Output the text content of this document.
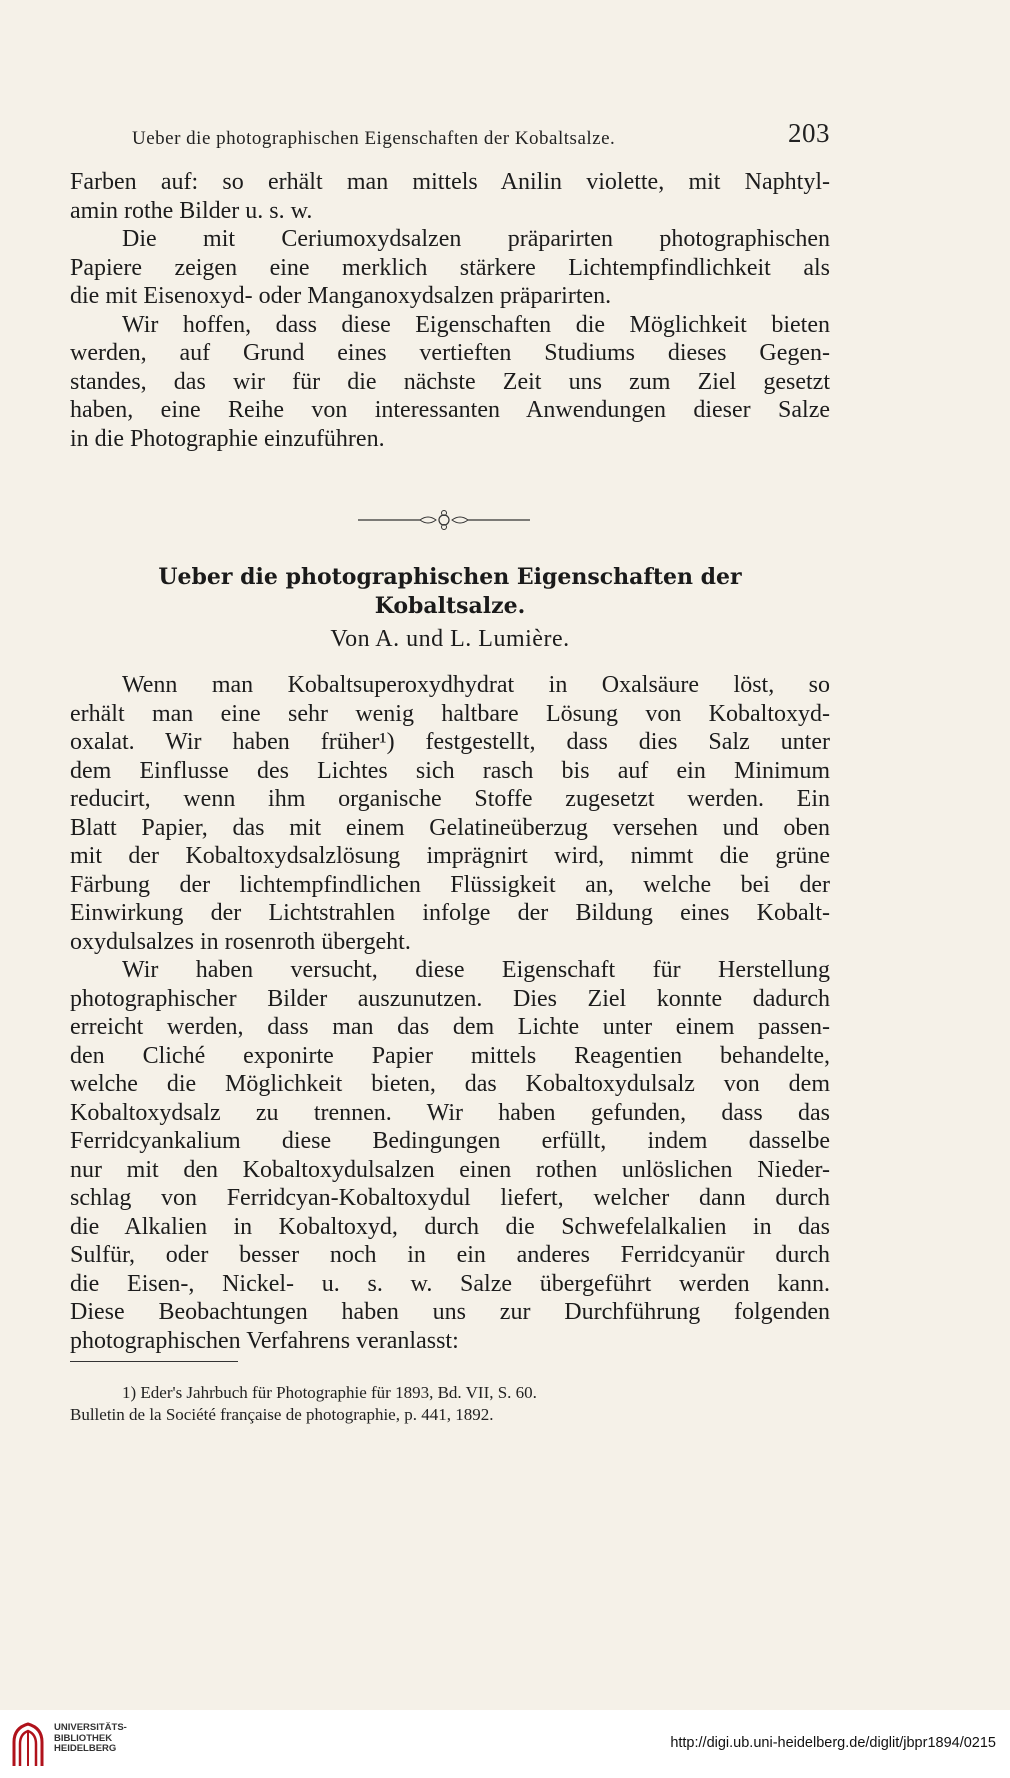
Ueber die photographischen Eigenschaften der Kobaltsalze.	203
Farben auf: so erhält man mittels Anilin violette, mit Naphtyl-
amin rothe Bilder u. s. w.
Die mit Ceriumoxydsalzen präparirten photographischen
Papiere zeigen eine merklich stärkere Lichtempfindlichkeit als
die mit Eisenoxyd- oder Manganoxydsalzen präparirten.
Wir hoffen, dass diese Eigenschaften die Möglichkeit bieten
werden, auf Grund eines vertieften Studiums dieses Gegen-
standes, das wir für die nächste Zeit uns zum Ziel gesetzt
haben, eine Reihe von interessanten Anwendungen dieser Salze
in die Photographie einzuführen.
Ueber die photographischen Eigenschaften der
Kobaltsalze.
Von A. und L. Lumière.
Wenn man Kobaltsuperoxydhydrat in Oxalsäure löst, so
erhält man eine sehr wenig haltbare Lösung von Kobaltoxyd-
oxalat. Wir haben früher¹) festgestellt, dass dies Salz unter
dem Einflusse des Lichtes sich rasch bis auf ein Minimum
reducirt, wenn ihm organische Stoffe zugesetzt werden. Ein
Blatt Papier, das mit einem Gelatineüberzug versehen und oben
mit der Kobaltoxydsalzlösung imprägnirt wird, nimmt die grüne
Färbung der lichtempfindlichen Flüssigkeit an, welche bei der
Einwirkung der Lichtstrahlen infolge der Bildung eines Kobalt-
oxydulsalzes in rosenroth übergeht.
Wir haben versucht, diese Eigenschaft für Herstellung
photographischer Bilder auszunutzen. Dies Ziel konnte dadurch
erreicht werden, dass man das dem Lichte unter einem passen-
den Cliché exponirte Papier mittels Reagentien behandelte,
welche die Möglichkeit bieten, das Kobaltoxydulsalz von dem
Kobaltoxydsalz zu trennen. Wir haben gefunden, dass das
Ferridcyankalium diese Bedingungen erfüllt, indem dasselbe
nur mit den Kobaltoxydulsalzen einen rothen unlöslichen Nieder-
schlag von Ferridcyan-Kobaltoxydul liefert, welcher dann durch
die Alkalien in Kobaltoxyd, durch die Schwefelalkalien in das
Sulfür, oder besser noch in ein anderes Ferridcyanür durch
die Eisen-, Nickel- u. s. w. Salze übergeführt werden kann.
Diese Beobachtungen haben uns zur Durchführung folgenden
photographischen Verfahrens veranlasst:
1) Eder's Jahrbuch für Photographie für 1893, Bd. VII, S. 60.
Bulletin de la Société française de photographie, p. 441, 1892.
UNIVERSITÄTS-
BIBLIOTHEK
HEIDELBERG	http://digi.ub.uni-heidelberg.de/diglit/jbpr1894/0215
